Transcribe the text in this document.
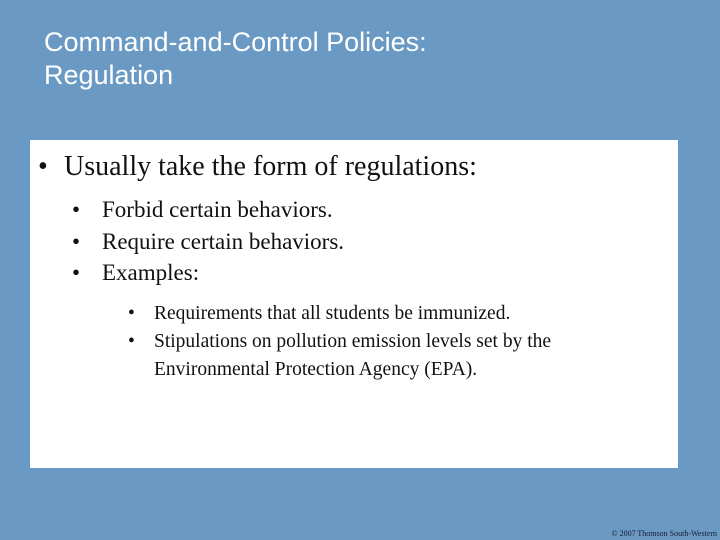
Command-and-Control Policies:
Regulation
• Usually take the form of regulations:
• Forbid certain behaviors.
• Require certain behaviors.
• Examples:
• Requirements that all students be immunized.
• Stipulations on pollution emission levels set by the Environmental Protection Agency (EPA).
© 2007 Thomson South-Western
